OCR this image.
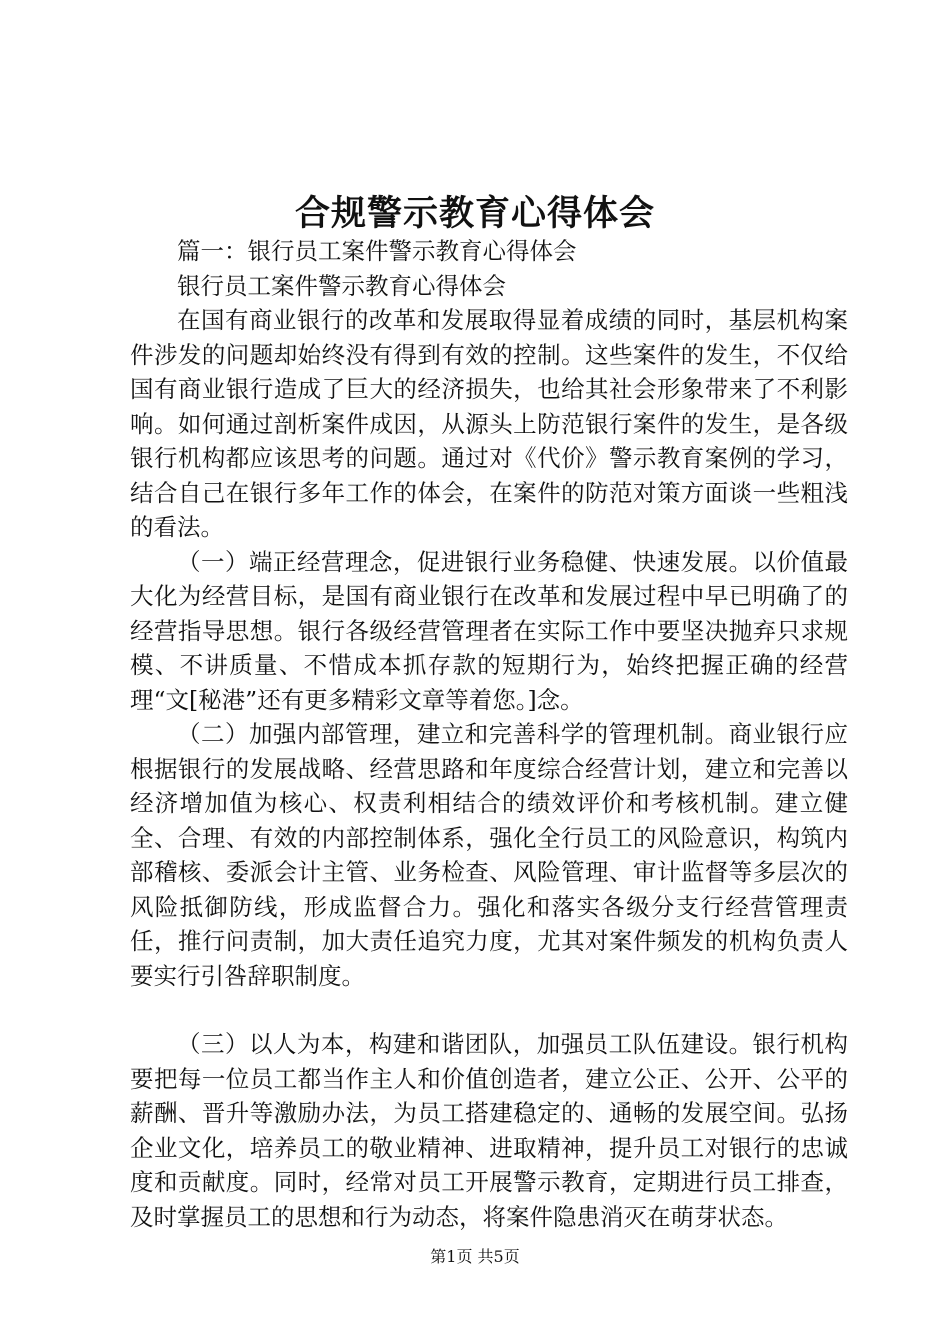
合规警示教育心得体会

篇一：银行员工案件警示教育心得体会

银行员工案件警示教育心得体会

在国有商业银行的改革和发展取得显着成绩的同时，基层机构案件涉发的问题却始终没有得到有效的控制。这些案件的发生，不仅给国有商业银行造成了巨大的经济损失，也给其社会形象带来了不利影响。如何通过剖析案件成因，从源头上防范银行案件的发生，是各级银行机构都应该思考的问题。通过对《代价》警示教育案例的学习，结合自己在银行多年工作的体会，在案件的防范对策方面谈一些粗浅的看法。

（一）端正经营理念，促进银行业务稳健、快速发展。以价值最大化为经营目标，是国有商业银行在改革和发展过程中早已明确了的经营指导思想。银行各级经营管理者在实际工作中要坚决抛弃只求规模、不讲质量、不惜成本抓存款的短期行为，始终把握正确的经营理“文[秘港”还有更多精彩文章等着您。]念。

（二）加强内部管理，建立和完善科学的管理机制。商业银行应根据银行的发展战略、经营思路和年度综合经营计划，建立和完善以经济增加值为核心、权责利相结合的绩效评价和考核机制。建立健全、合理、有效的内部控制体系，强化全行员工的风险意识，构筑内部稽核、委派会计主管、业务检查、风险管理、审计监督等多层次的风险抵御防线，形成监督合力。强化和落实各级分支行经营管理责任，推行问责制，加大责任追究力度，尤其对案件频发的机构负责人要实行引咎辞职制度。

（三）以人为本，构建和谐团队，加强员工队伍建设。银行机构要把每一位员工都当作主人和价值创造者，建立公正、公开、公平的薪酬、晋升等激励办法，为员工搭建稳定的、通畅的发展空间。弘扬企业文化，培养员工的敬业精神、进取精神，提升员工对银行的忠诚度和贡献度。同时，经常对员工开展警示教育，定期进行员工排查，及时掌握员工的思想和行为动态，将案件隐患消灭在萌芽状态。

第1页 共5页
